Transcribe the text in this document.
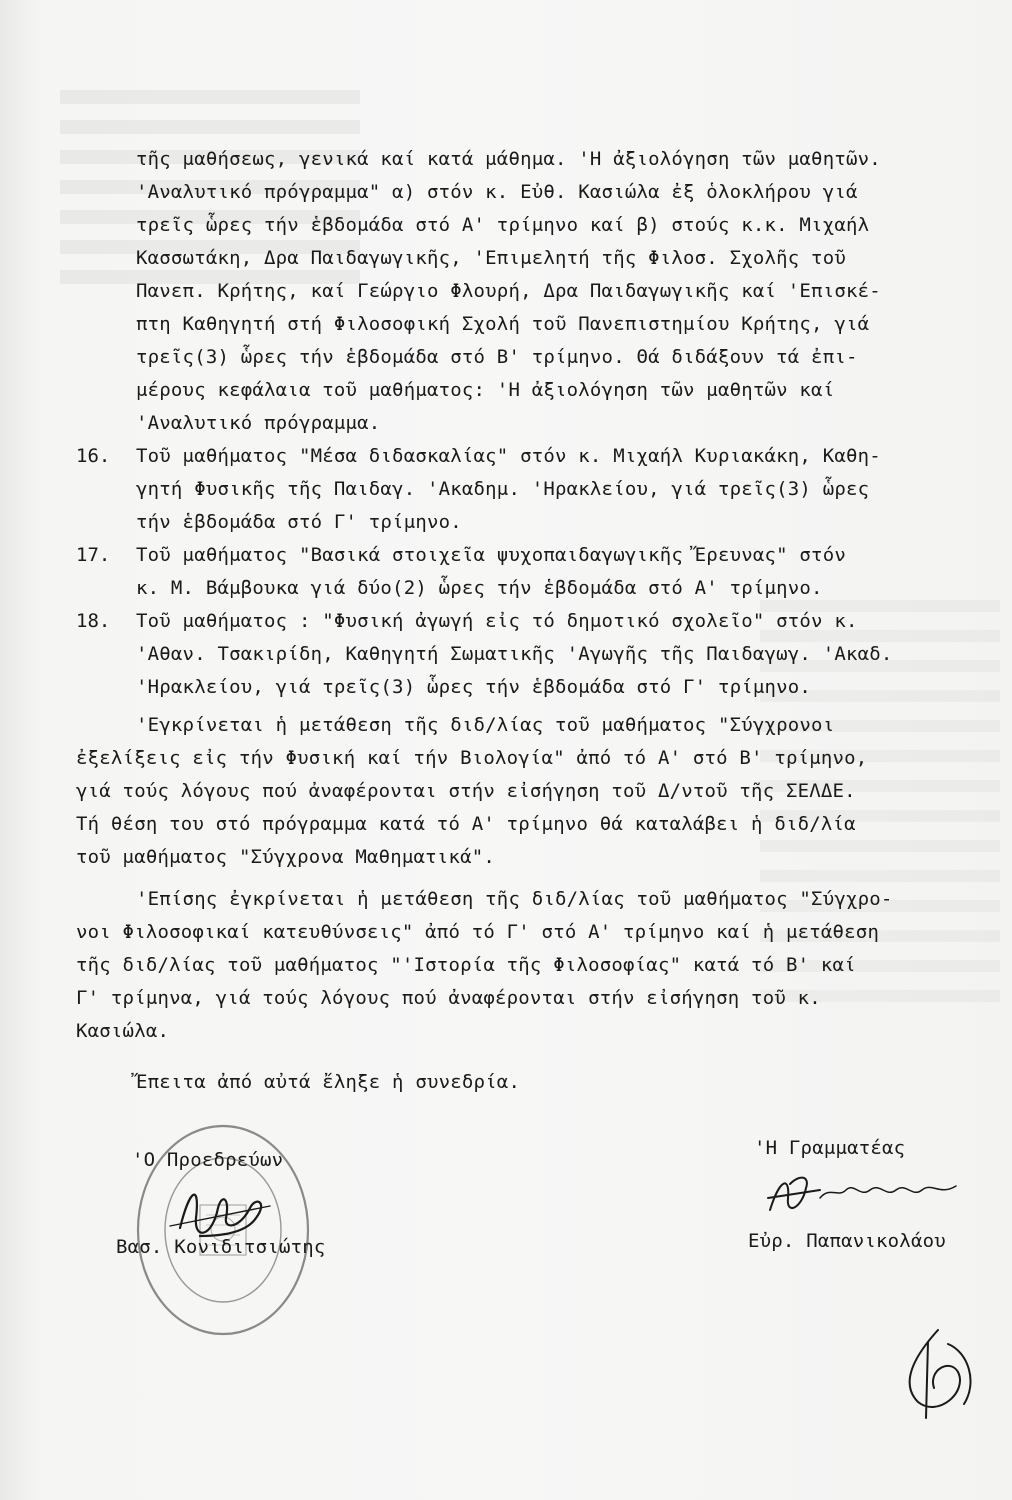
τῆς μαθήσεως, γενικά καί κατά μάθημα. 'Η ἀξιολόγηση τῶν μαθητῶν.
'Αναλυτικό πρόγραμμα" α) στόν κ. Εὐθ. Κασιώλα ἐξ ὁλοκλήρου γιά
τρεῖς ὧρες τήν ἑβδομάδα στό Α' τρίμηνο καί β) στούς κ.κ. Μιχαήλ
Κασσωτάκη, Δρα Παιδαγωγικῆς, 'Επιμελητή τῆς Φιλοσ. Σχολῆς τοῦ
Πανεπ. Κρήτης, καί Γεώργιο Φλουρή, Δρα Παιδαγωγικῆς καί 'Επισκέ-
πτη Καθηγητή στή Φιλοσοφική Σχολή τοῦ Πανεπιστημίου Κρήτης, γιά
τρεῖς(3) ὧρες τήν ἑβδομάδα στό Β' τρίμηνο. Θά διδάξουν τά ἐπι-
μέρους κεφάλαια τοῦ μαθήματος: 'Η ἀξιολόγηση τῶν μαθητῶν καί
'Αναλυτικό πρόγραμμα.
16. Τοῦ μαθήματος "Μέσα διδασκαλίας" στόν κ. Μιχαήλ Κυριακάκη, Καθη-
γητή Φυσικῆς τῆς Παιδαγ. 'Ακαδημ. 'Ηρακλείου, γιά τρεῖς(3) ὧρες
τήν ἑβδομάδα στό Γ' τρίμηνο.
17. Τοῦ μαθήματος "Βασικά στοιχεῖα ψυχοπαιδαγωγικῆς Ἔρευνας" στόν
κ. Μ. Βάμβουκα γιά δύο(2) ὧρες τήν ἑβδομάδα στό Α' τρίμηνο.
18. Τοῦ μαθήματος : "Φυσική ἀγωγή εἰς τό δημοτικό σχολεῖο" στόν κ.
'Αθαν. Τσακιρίδη, Καθηγητή Σωματικῆς 'Αγωγῆς τῆς Παιδαγωγ. 'Ακαδ.
'Ηρακλείου, γιά τρεῖς(3) ὧρες τήν ἑβδομάδα στό Γ' τρίμηνο.
'Εγκρίνεται ἡ μετάθεση τῆς διδ/λίας τοῦ μαθήματος "Σύγχρονοι
ἐξελίξεις εἰς τήν Φυσική καί τήν Βιολογία" ἀπό τό Α' στό Β' τρίμηνο,
γιά τούς λόγους πού ἀναφέρονται στήν εἰσήγηση τοῦ Δ/ντοῦ τῆς ΣΕΛΔΕ.
Τή θέση του στό πρόγραμμα κατά τό Α' τρίμηνο θά καταλάβει ἡ διδ/λία
τοῦ μαθήματος "Σύγχρονα Μαθηματικά".
'Επίσης ἐγκρίνεται ἡ μετάθεση τῆς διδ/λίας τοῦ μαθήματος "Σύγχρο-
νοι Φιλοσοφικαί κατευθύνσεις" ἀπό τό Γ' στό Α' τρίμηνο καί ἡ μετάθεση
τῆς διδ/λίας τοῦ μαθήματος "'Ιστορία τῆς Φιλοσοφίας" κατά τό Β' καί
Γ' τρίμηνα, γιά τούς λόγους πού ἀναφέρονται στήν εἰσήγηση τοῦ κ.
Κασιώλα.
Ἔπειτα ἀπό αὐτά ἔληξε ἡ συνεδρία.
'Ο Προεδρεύων
Βασ. Κονιδιτσιώτης
'Η Γραμματέας
Εὐρ. Παπανικολάου
